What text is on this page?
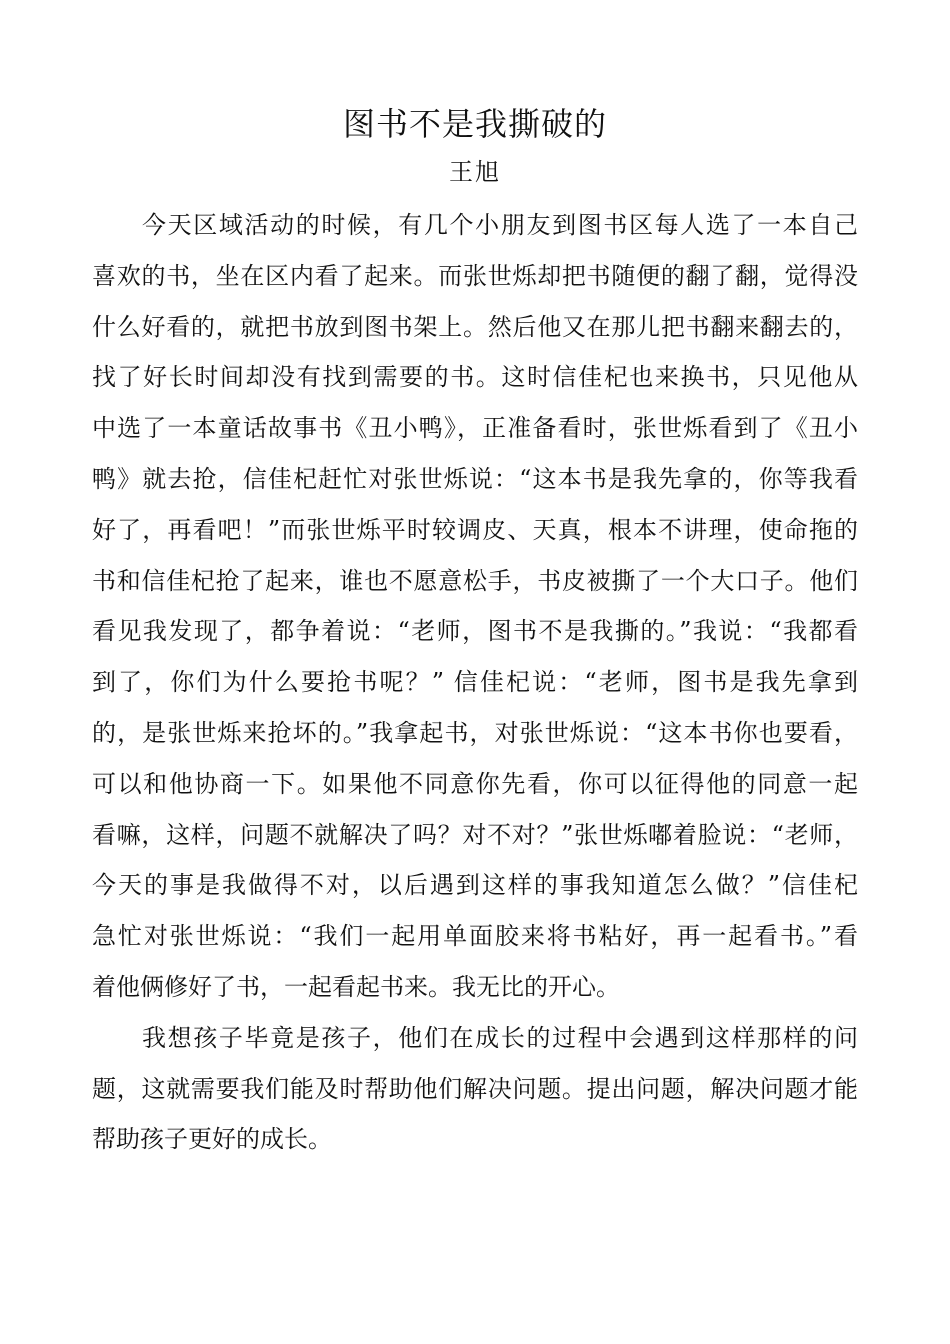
图书不是我撕破的
王旭
今天区域活动的时候，有几个小朋友到图书区每人选了一本自己
喜欢的书，坐在区内看了起来。而张世烁却把书随便的翻了翻，觉得没
什么好看的，就把书放到图书架上。然后他又在那儿把书翻来翻去的，
找了好长时间却没有找到需要的书。这时信佳杞也来换书，只见他从
中选了一本童话故事书《丑小鸭》，正准备看时，张世烁看到了《丑小
鸭》就去抢，信佳杞赶忙对张世烁说：“这本书是我先拿的，你等我看
好了，再看吧！”而张世烁平时较调皮、天真，根本不讲理，使命拖的
书和信佳杞抢了起来，谁也不愿意松手，书皮被撕了一个大口子。他们
看见我发现了，都争着说：“老师，图书不是我撕的。”我说：“我都看
到了，你们为什么要抢书呢？” 信佳杞说：“老师，图书是我先拿到
的，是张世烁来抢坏的。”我拿起书，对张世烁说：“这本书你也要看，
可以和他协商一下。如果他不同意你先看，你可以征得他的同意一起
看嘛，这样，问题不就解决了吗？对不对？”张世烁嘟着脸说：“老师，
今天的事是我做得不对，以后遇到这样的事我知道怎么做？”信佳杞
急忙对张世烁说：“我们一起用单面胶来将书粘好，再一起看书。”看
着他俩修好了书，一起看起书来。我无比的开心。
我想孩子毕竟是孩子，他们在成长的过程中会遇到这样那样的问
题，这就需要我们能及时帮助他们解决问题。提出问题，解决问题才能
帮助孩子更好的成长。
